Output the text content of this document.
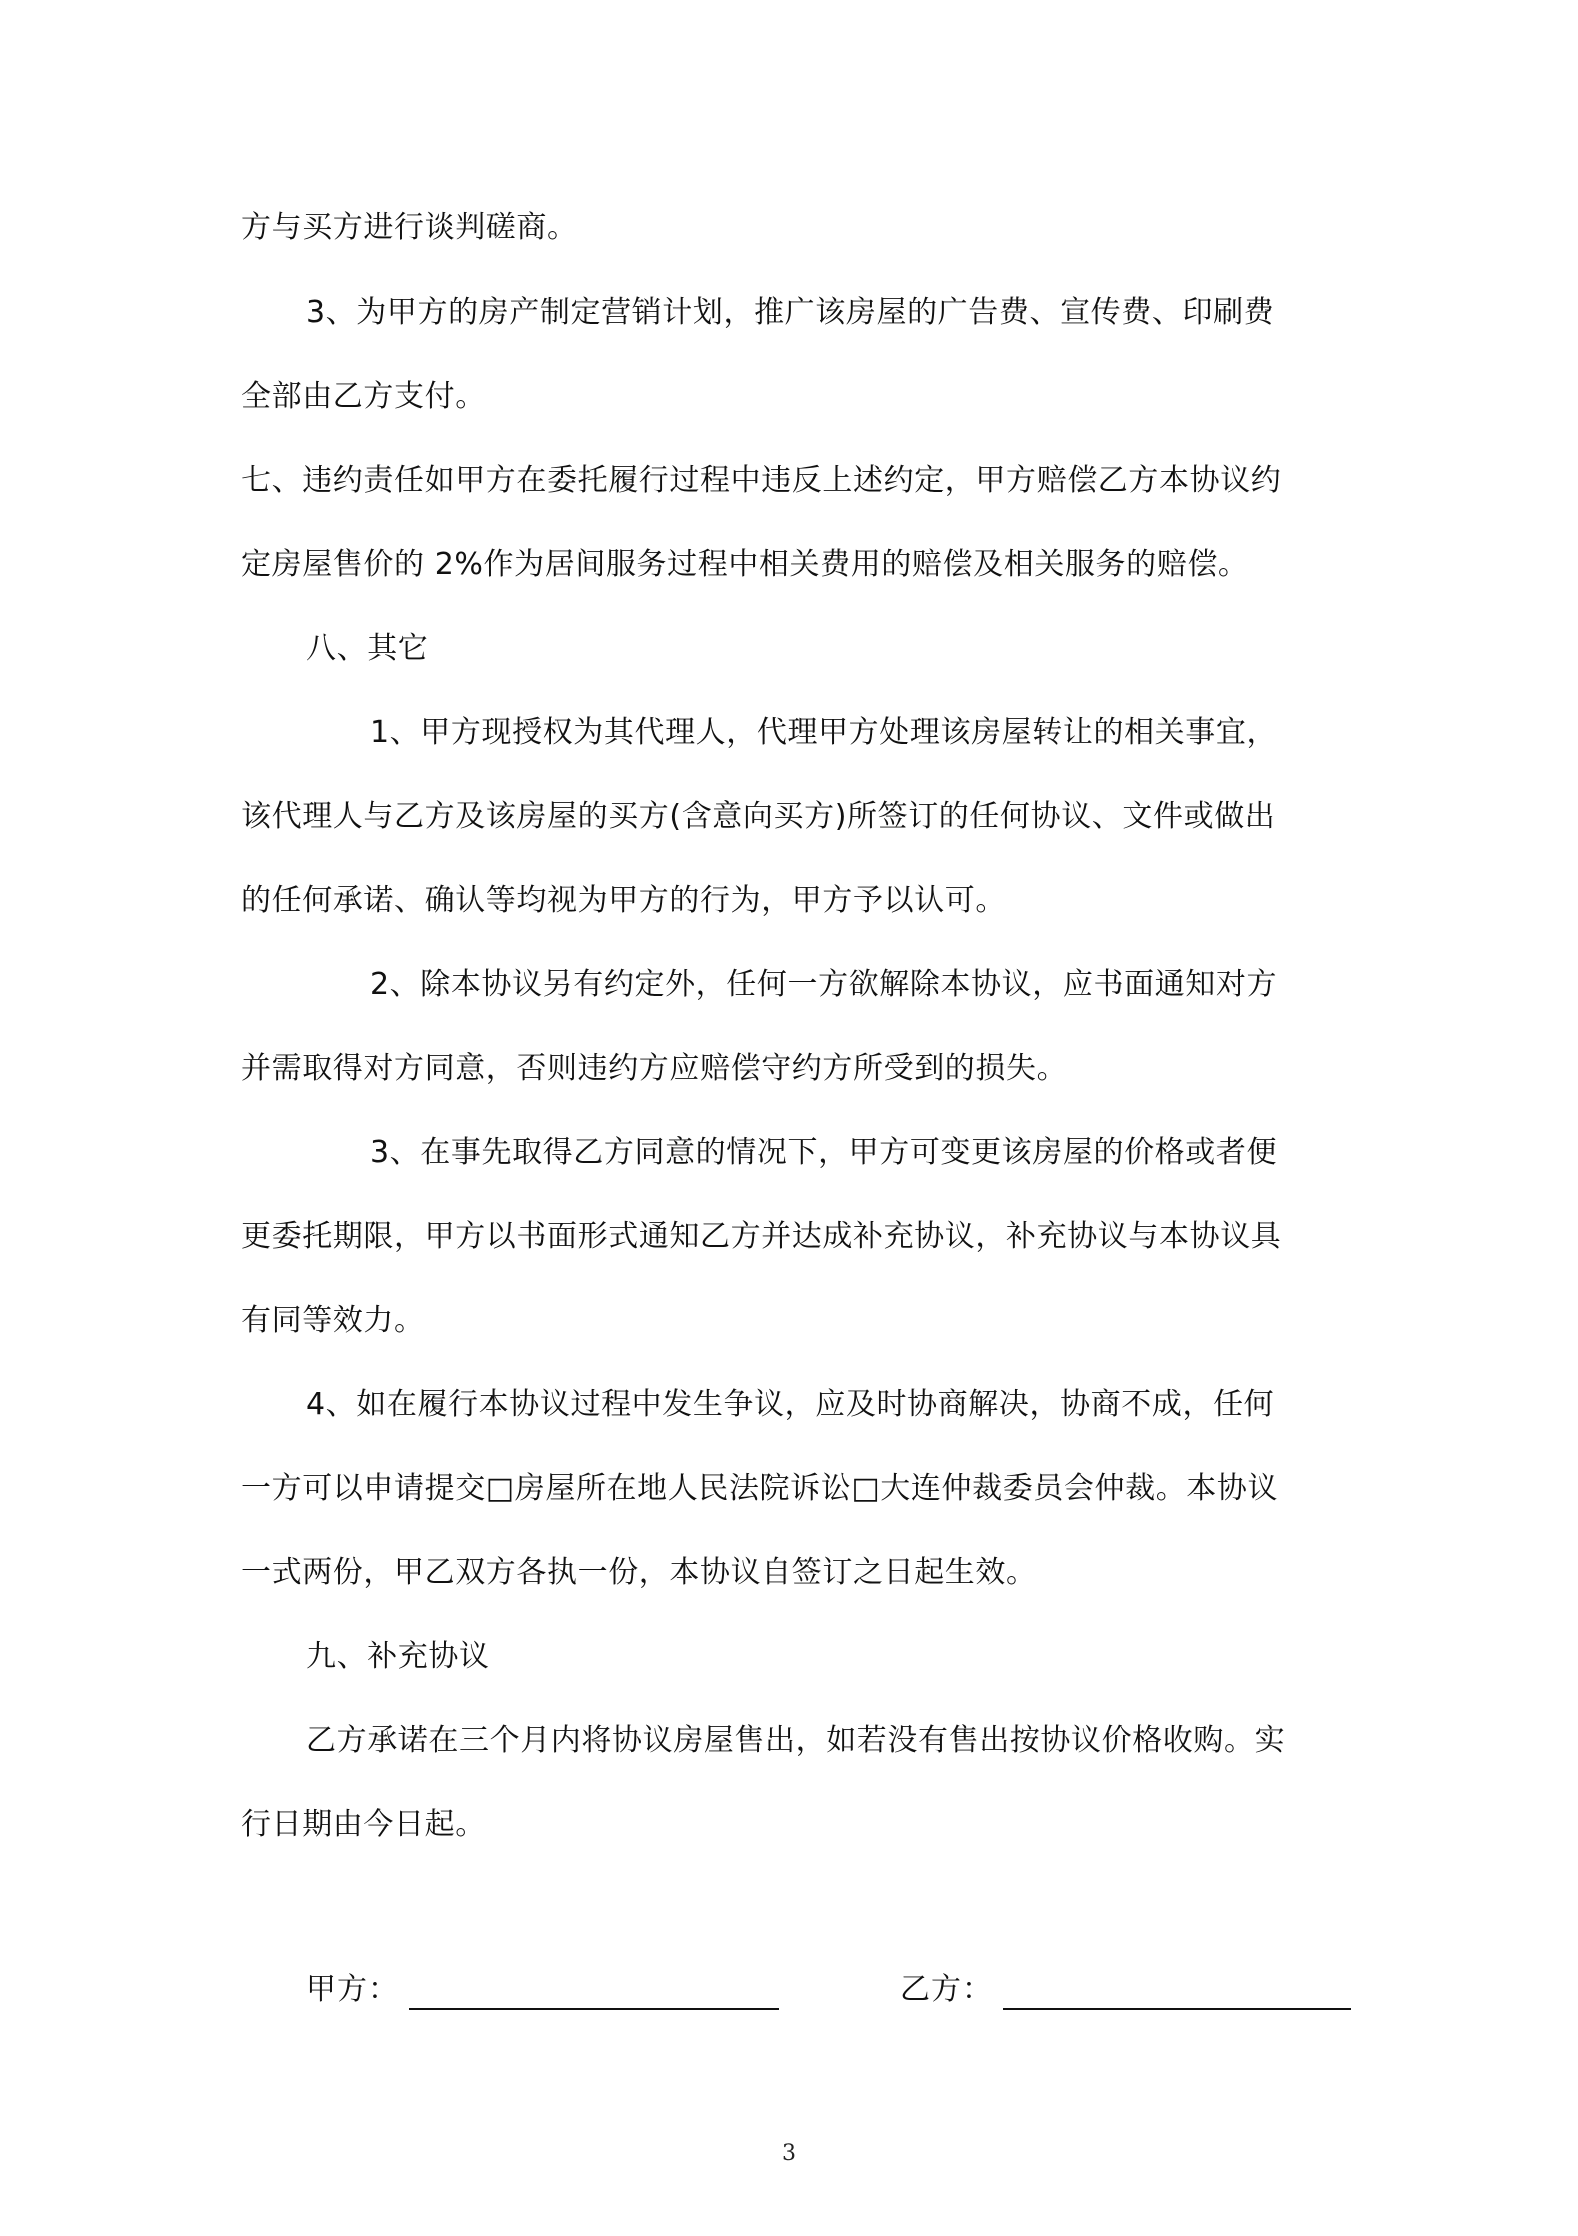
方与买方进行谈判磋商。
3、为甲方的房产制定营销计划，推广该房屋的广告费、宣传费、印刷费
全部由乙方支付。
七、违约责任如甲方在委托履行过程中违反上述约定，甲方赔偿乙方本协议约
定房屋售价的 2%作为居间服务过程中相关费用的赔偿及相关服务的赔偿。
八、其它
1、甲方现授权为其代理人，代理甲方处理该房屋转让的相关事宜，
该代理人与乙方及该房屋的买方(含意向买方)所签订的任何协议、文件或做出
的任何承诺、确认等均视为甲方的行为，甲方予以认可。
2、除本协议另有约定外，任何一方欲解除本协议，应书面通知对方
并需取得对方同意，否则违约方应赔偿守约方所受到的损失。
3、在事先取得乙方同意的情况下，甲方可变更该房屋的价格或者便
更委托期限，甲方以书面形式通知乙方并达成补充协议，补充协议与本协议具
有同等效力。
4、如在履行本协议过程中发生争议，应及时协商解决，协商不成，任何
一方可以申请提交□房屋所在地人民法院诉讼□大连仲裁委员会仲裁。本协议
一式两份，甲乙双方各执一份，本协议自签订之日起生效。
九、补充协议
乙方承诺在三个月内将协议房屋售出，如若没有售出按协议价格收购。实
行日期由今日起。
甲方：	乙方：
3
